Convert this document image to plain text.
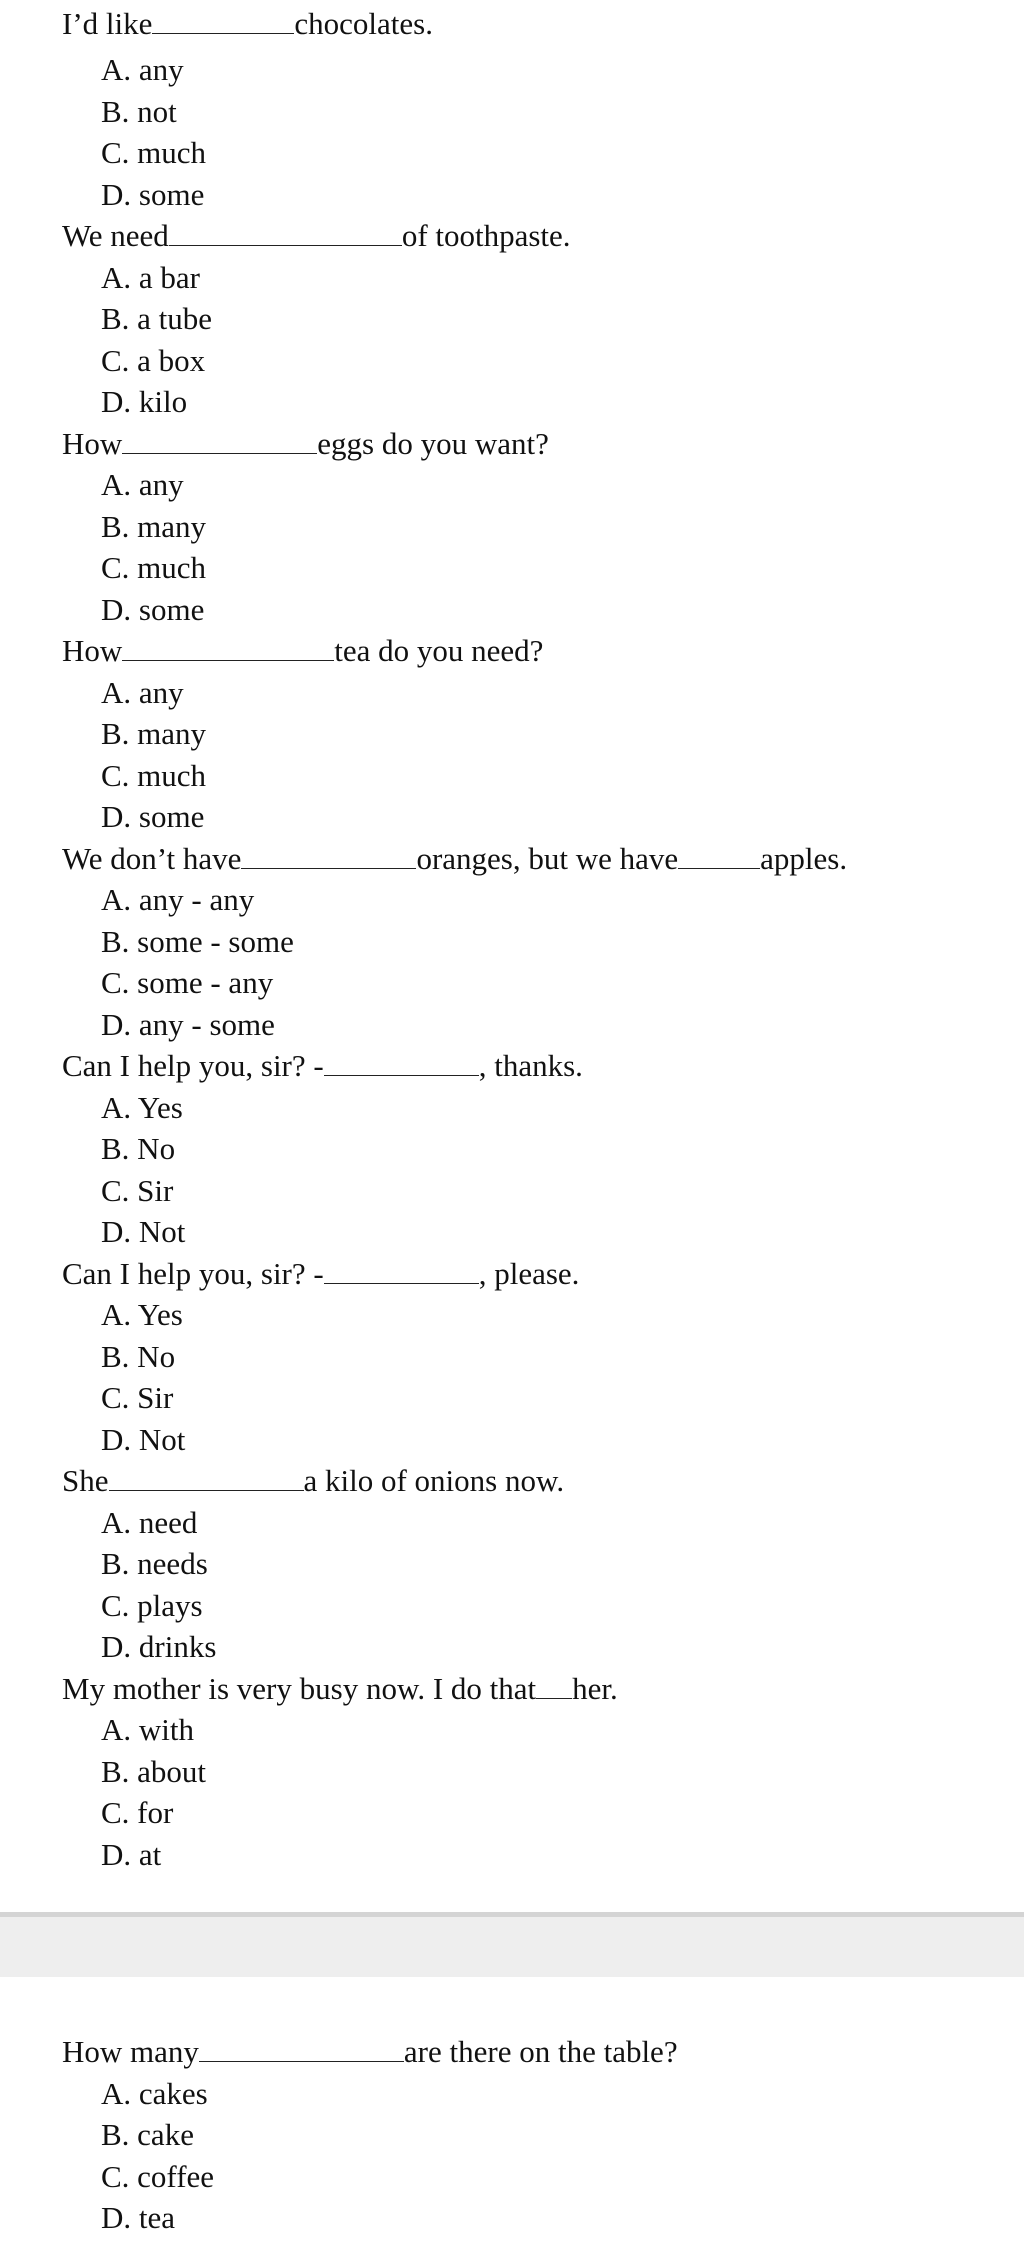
I’d like	chocolates.
A. any
B. not
C. much
D. some
We need	of toothpaste.
A. a bar
B. a tube
C. a box
D. kilo
How	eggs do you want?
A. any
B. many
C. much
D. some
How	tea do you need?
A. any
B. many
C. much
D. some
We don’t have	oranges, but we have	apples.
A. any - any
B. some - some
C. some - any
D. any - some
Can I help you, sir? -	, thanks.
A. Yes
B. No
C. Sir
D. Not
Can I help you, sir? -	, please.
A. Yes
B. No
C. Sir
D. Not
She	a kilo of onions now.
A. need
B. needs
C. plays
D. drinks
My mother is very busy now. I do that her.
A. with
B. about
C. for
D. at
How many	are there on the table?
A. cakes
B. cake
C. coffee
D. tea
